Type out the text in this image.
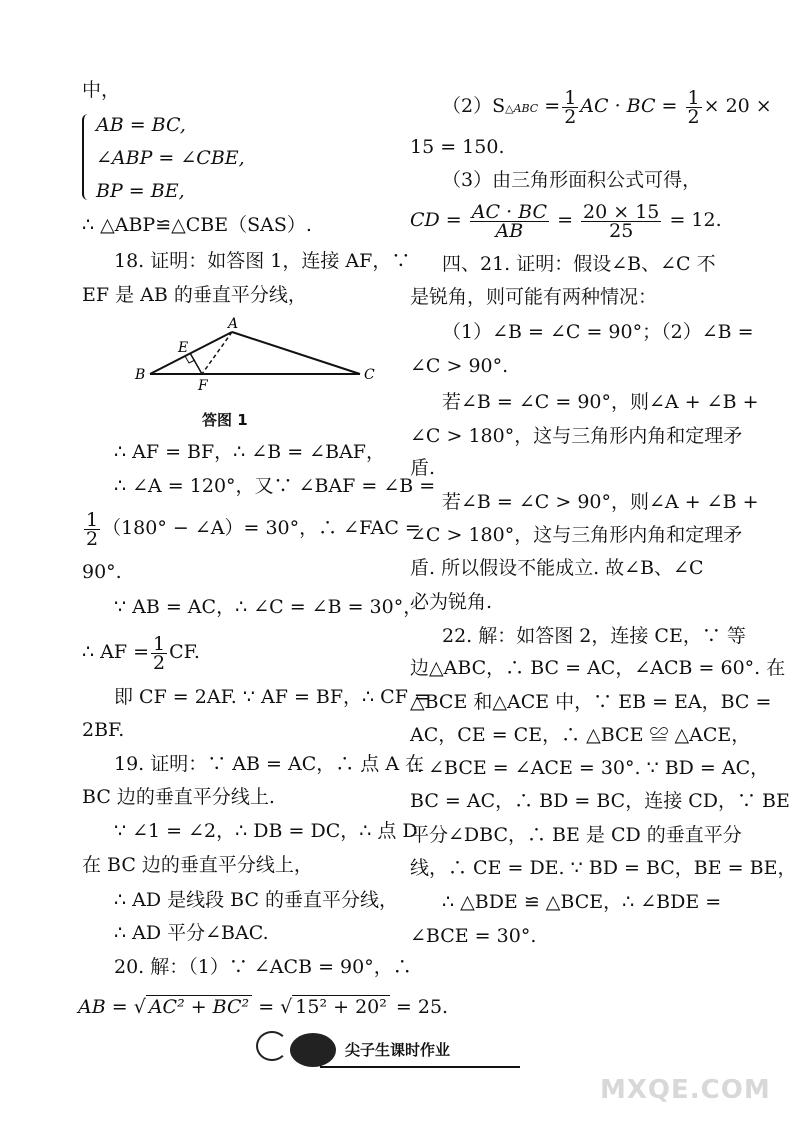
中，
AB = BC,
∠ABP = ∠CBE,
BP = BE,
∴ △ABP≌△CBE（SAS）.
18. 证明：如答图 1，连接 AF，∵
EF 是 AB 的垂直平分线，
A
E
B
F
C
答图 1
∴ AF = BF，∴ ∠B = ∠BAF，
∴ ∠A = 120°，又∵ ∠BAF = ∠B =
$\frac{1}{2} (180^\circ$ − ∠A）= 30°，∴ ∠FAC =
90°.
∵ AB = AC，∴ ∠C = ∠B = 30°，
∴ AF = $\frac{1}{2}$ CF.
即 CF = 2AF. ∵ AF = BF，∴ CF =
2BF.
19. 证明：∵ AB = AC，∴ 点 A 在
BC 边的垂直平分线上.
∵ ∠1 = ∠2，∴ DB = DC，∴ 点 D
在 BC 边的垂直平分线上，
∴ AD 是线段 BC 的垂直平分线，
∴ AD 平分∠BAC.
20. 解：（1）∵ ∠ACB = 90°，∴
AB = √ AC² + BC² = √ 15² + 20² = 25.
（2）S△ABC = $\frac{1}{2}$ AC · BC = $\frac{1}{2} \times 20$ ×
15 = 150.
（3）由三角形面积公式可得，
CD = $\frac{AC \cdot BC}{AB} = \frac{20 \times 15}{25} = 12$.
四、21. 证明：假设∠B、∠C 不
是锐角，则可能有两种情况：
（1）∠B = ∠C = 90°；（2）∠B =
∠C > 90°.
若∠B = ∠C = 90°，则∠A + ∠B +
∠C > 180°，这与三角形内角和定理矛
盾.
若∠B = ∠C > 90°，则∠A + ∠B +
∠C > 180°，这与三角形内角和定理矛
盾. 所以假设不能成立. 故∠B、∠C
必为锐角.
22. 解：如答图 2，连接 CE，∵ 等
边△ABC，∴ BC = AC，∠ACB = 60°. 在
△BCE 和△ACE 中，∵ EB = EA，BC =
AC，CE = CE，∴ △BCE ≌ △ACE，
∴ ∠BCE = ∠ACE = 30°. ∵ BD = AC，
BC = AC，∴ BD = BC，连接 CD，∵ BE
平分∠DBC，∴ BE 是 CD 的垂直平分
线，∴ CE = DE. ∵ BD = BC，BE = BE，
∴ △BDE ≌ △BCE，∴ ∠BDE =
∠BCE = 30°.
尖子生课时作业
MXQE.COM
